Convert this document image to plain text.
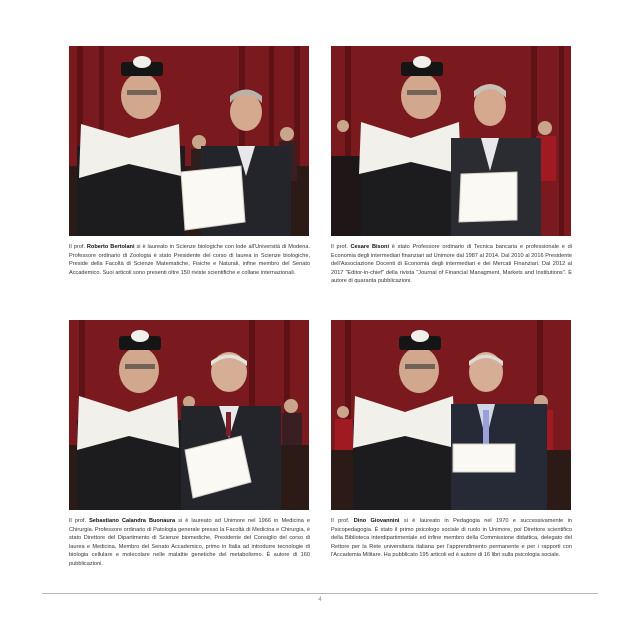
Il prof. Roberto Bertolani si è laureato in Scienze biologiche con lode all'Università di Modena. Professore ordinario di Zoologia è stato Presidente del corso di laurea in Scienze biologiche, Preside della Facoltà di Scienze Matematiche, Fisiche e Naturali, infine membro del Senato Accademico. Suoi articoli sono presenti oltre 150 riviste scientifiche e collane internazionali.
Il prof. Cesare Bisoni è stato Professore ordinario di Tecnica bancaria e professionale e di Economia degli intermediari finanziari ad Unimore dal 1987 al 2014. Dal 2010 al 2016 Presidente dell'Associazione Docenti di Economia degli intermediari e dei Mercati Finanziari. Dal 2012 al 2017 "Editor-in-chief" della rivista "Journal of Financial Managment, Markets and Institutions". È autore di quaranta pubblicazioni.
Il prof. Sebastiano Calandra Buonaura si è laureato ad Unimore nel 1966 in Medicina e Chirurgia. Professore ordinario di Patologia generale presso la Facoltà di Medicina e Chirurgia, è stato Direttore del Dipartimento di Scienze biomediche, Presidente del Consiglio del corso di laurea e Medicina, Membro del Senato Accademico, primo in Italia ad introdurre tecnologie di biologia cellulare e molecolare nelle malattie genetiche del metabolismo. È autore di 160 pubblicazioni.
Il prof. Dino Giovannini si è laureato in Pedagogia nel 1970 e successivamente in Psicopedagogia. È stato il primo psicologo sociale di ruolo in Unimore, poi Direttore scientifico della Biblioteca interdipartimentale ed infine membro della Commissione didattica, delegato del Rettore per la Rete universitaria italiana per l'apprendimento permanente e per i rapporti con l'Accademia Militare. Ha pubblicato 195 articoli ed è autore di 16 libri sulla psicologia sociale.
4
